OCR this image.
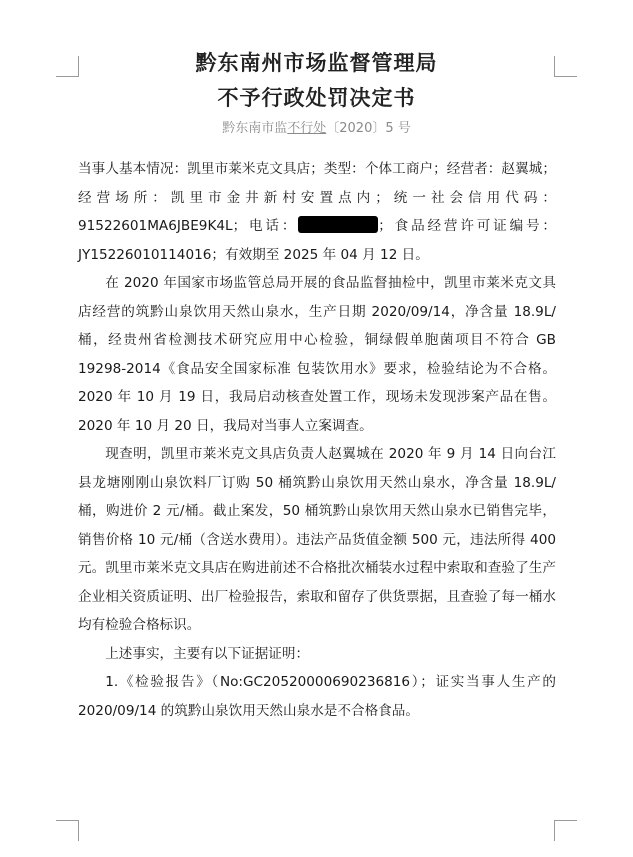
黔东南州市场监督管理局
不予行政处罚决定书
黔东南市监不行处〔2020〕5 号

当事人基本情况：凯里市莱米克文具店；类型：个体工商户；经营者：赵翼城；经营场所：凯里市金井新村安置点内；统一社会信用代码：91522601MA6JBE9K4L；电话：	；食品经营许可证编号：JY15226010114016；有效期至 2025 年 04 月 12 日。

在 2020 年国家市场监管总局开展的食品监督抽检中，凯里市莱米克文具店经营的筑黔山泉饮用天然山泉水，生产日期 2020/09/14，净含量 18.9L/桶，经贵州省检测技术研究应用中心检验，铜绿假单胞菌项目不符合 GB 19298-2014《食品安全国家标准 包装饮用水》要求，检验结论为不合格。2020 年 10 月 19 日，我局启动核查处置工作，现场未发现涉案产品在售。2020 年 10 月 20 日，我局对当事人立案调查。

现查明，凯里市莱米克文具店负责人赵翼城在 2020 年 9 月 14 日向台江县龙塘刚刚山泉饮料厂订购 50 桶筑黔山泉饮用天然山泉水，净含量 18.9L/桶，购进价 2 元/桶。截止案发，50 桶筑黔山泉饮用天然山泉水已销售完毕，销售价格 10 元/桶（含送水费用）。违法产品货值金额 500 元，违法所得 400 元。凯里市莱米克文具店在购进前述不合格批次桶装水过程中索取和查验了生产企业相关资质证明、出厂检验报告，索取和留存了供货票据，且查验了每一桶水均有检验合格标识。

上述事实，主要有以下证据证明：

1.《检验报告》（No:GC20520000690236816）；证实当事人生产的 2020/09/14 的筑黔山泉饮用天然山泉水是不合格食品。
